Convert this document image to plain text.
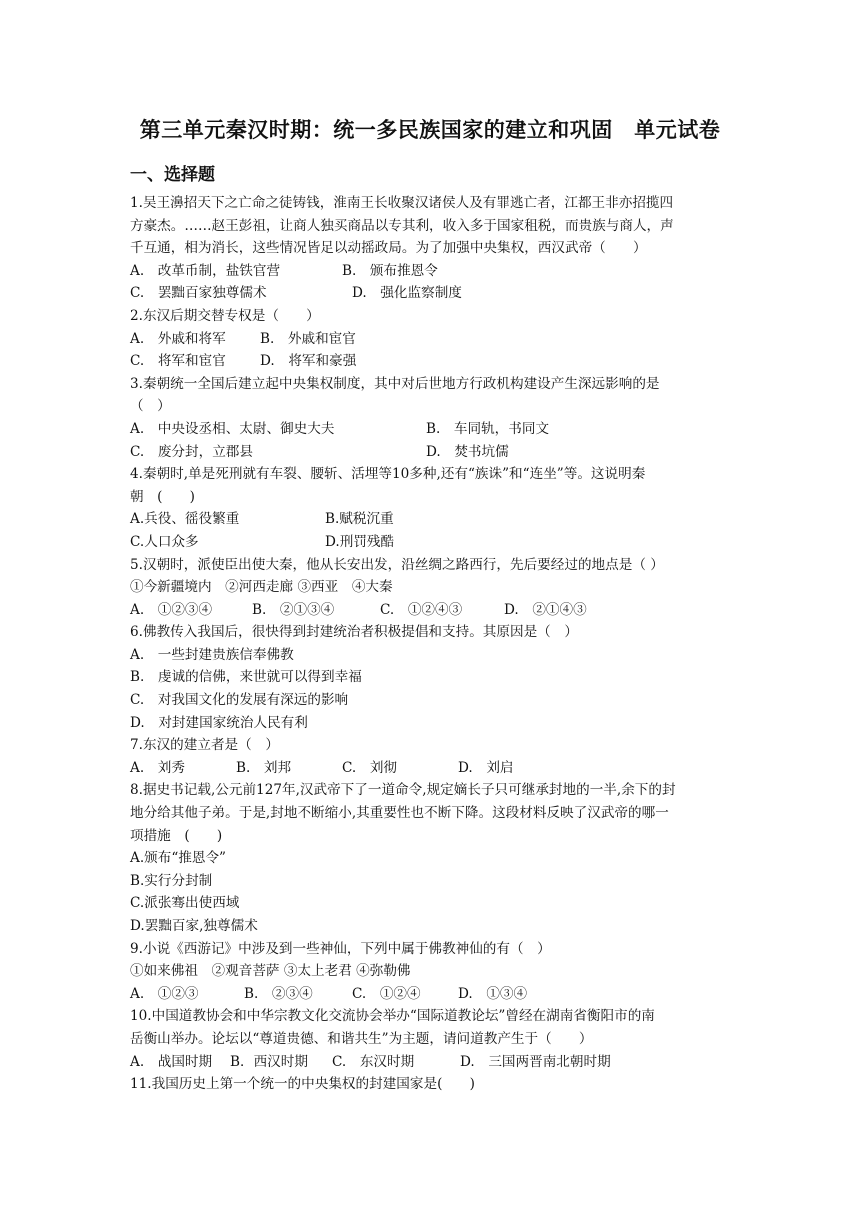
第三单元秦汉时期：统一多民族国家的建立和巩固　单元试卷
一、选择题
1.吴王濞招天下之亡命之徒铸钱，淮南王长收聚汉诸侯人及有罪逃亡者，江都王非亦招揽四
方豪杰。……赵王彭祖，让商人独买商品以专其利，收入多于国家租税，而贵族与商人，声
千互通，相为消长，这些情况皆足以动摇政局。为了加强中央集权，西汉武帝（　　）
A.　改革币制，盐铁官营	B.　颁布推恩令
C.　罢黜百家独尊儒术	D.　强化监察制度
2.东汉后期交替专权是（　　）
A.　外戚和将军	B.　外戚和宦官
C.　将军和宦官	D.　将军和豪强
3.秦朝统一全国后建立起中央集权制度，其中对后世地方行政机构建设产生深远影响的是
（　）
A.　中央设丞相、太尉、御史大夫	B.　车同轨，书同文
C.　废分封，立郡县	D.　焚书坑儒
4.秦朝时,单是死刑就有车裂、腰斩、活埋等10多种,还有“族诛”和“连坐”等。这说明秦
朝　(　　)
A.兵役、徭役繁重	B.赋税沉重
C.人口众多	D.刑罚残酷
5.汉朝时，派使臣出使大秦，他从长安出发，沿丝绸之路西行，先后要经过的地点是（ ）
①今新疆境内　②河西走廊 ③西亚　④大秦
A.　①②③④	B.　②①③④	C.　①②④③	D.　②①④③
6.佛教传入我国后，很快得到封建统治者积极提倡和支持。其原因是（　）
A.　一些封建贵族信奉佛教
B.　虔诚的信佛，来世就可以得到幸福
C.　对我国文化的发展有深远的影响
D.　对封建国家统治人民有利
7.东汉的建立者是（　）
A.　刘秀	B.　刘邦	C.　刘彻	D.　刘启
8.据史书记载,公元前127年,汉武帝下了一道命令,规定嫡长子只可继承封地的一半,余下的封
地分给其他子弟。于是,封地不断缩小,其重要性也不断下降。这段材料反映了汉武帝的哪一
项措施　(　　)
A.颁布“推恩令”
B.实行分封制
C.派张骞出使西域
D.罢黜百家,独尊儒术
9.小说《西游记》中涉及到一些神仙，下列中属于佛教神仙的有（　）
①如来佛祖　②观音菩萨 ③太上老君 ④弥勒佛
A.　①②③	B.　②③④	C.　①②④	D.　①③④
10.中国道教协会和中华宗教文化交流协会举办“国际道教论坛”曾经在湖南省衡阳市的南
岳衡山举办。论坛以“尊道贵德、和谐共生”为主题，请问道教产生于（　　）
A.　战国时期	B．西汉时期	C.　东汉时期	D.　三国两晋南北朝时期
11.我国历史上第一个统一的中央集权的封建国家是(　　)
